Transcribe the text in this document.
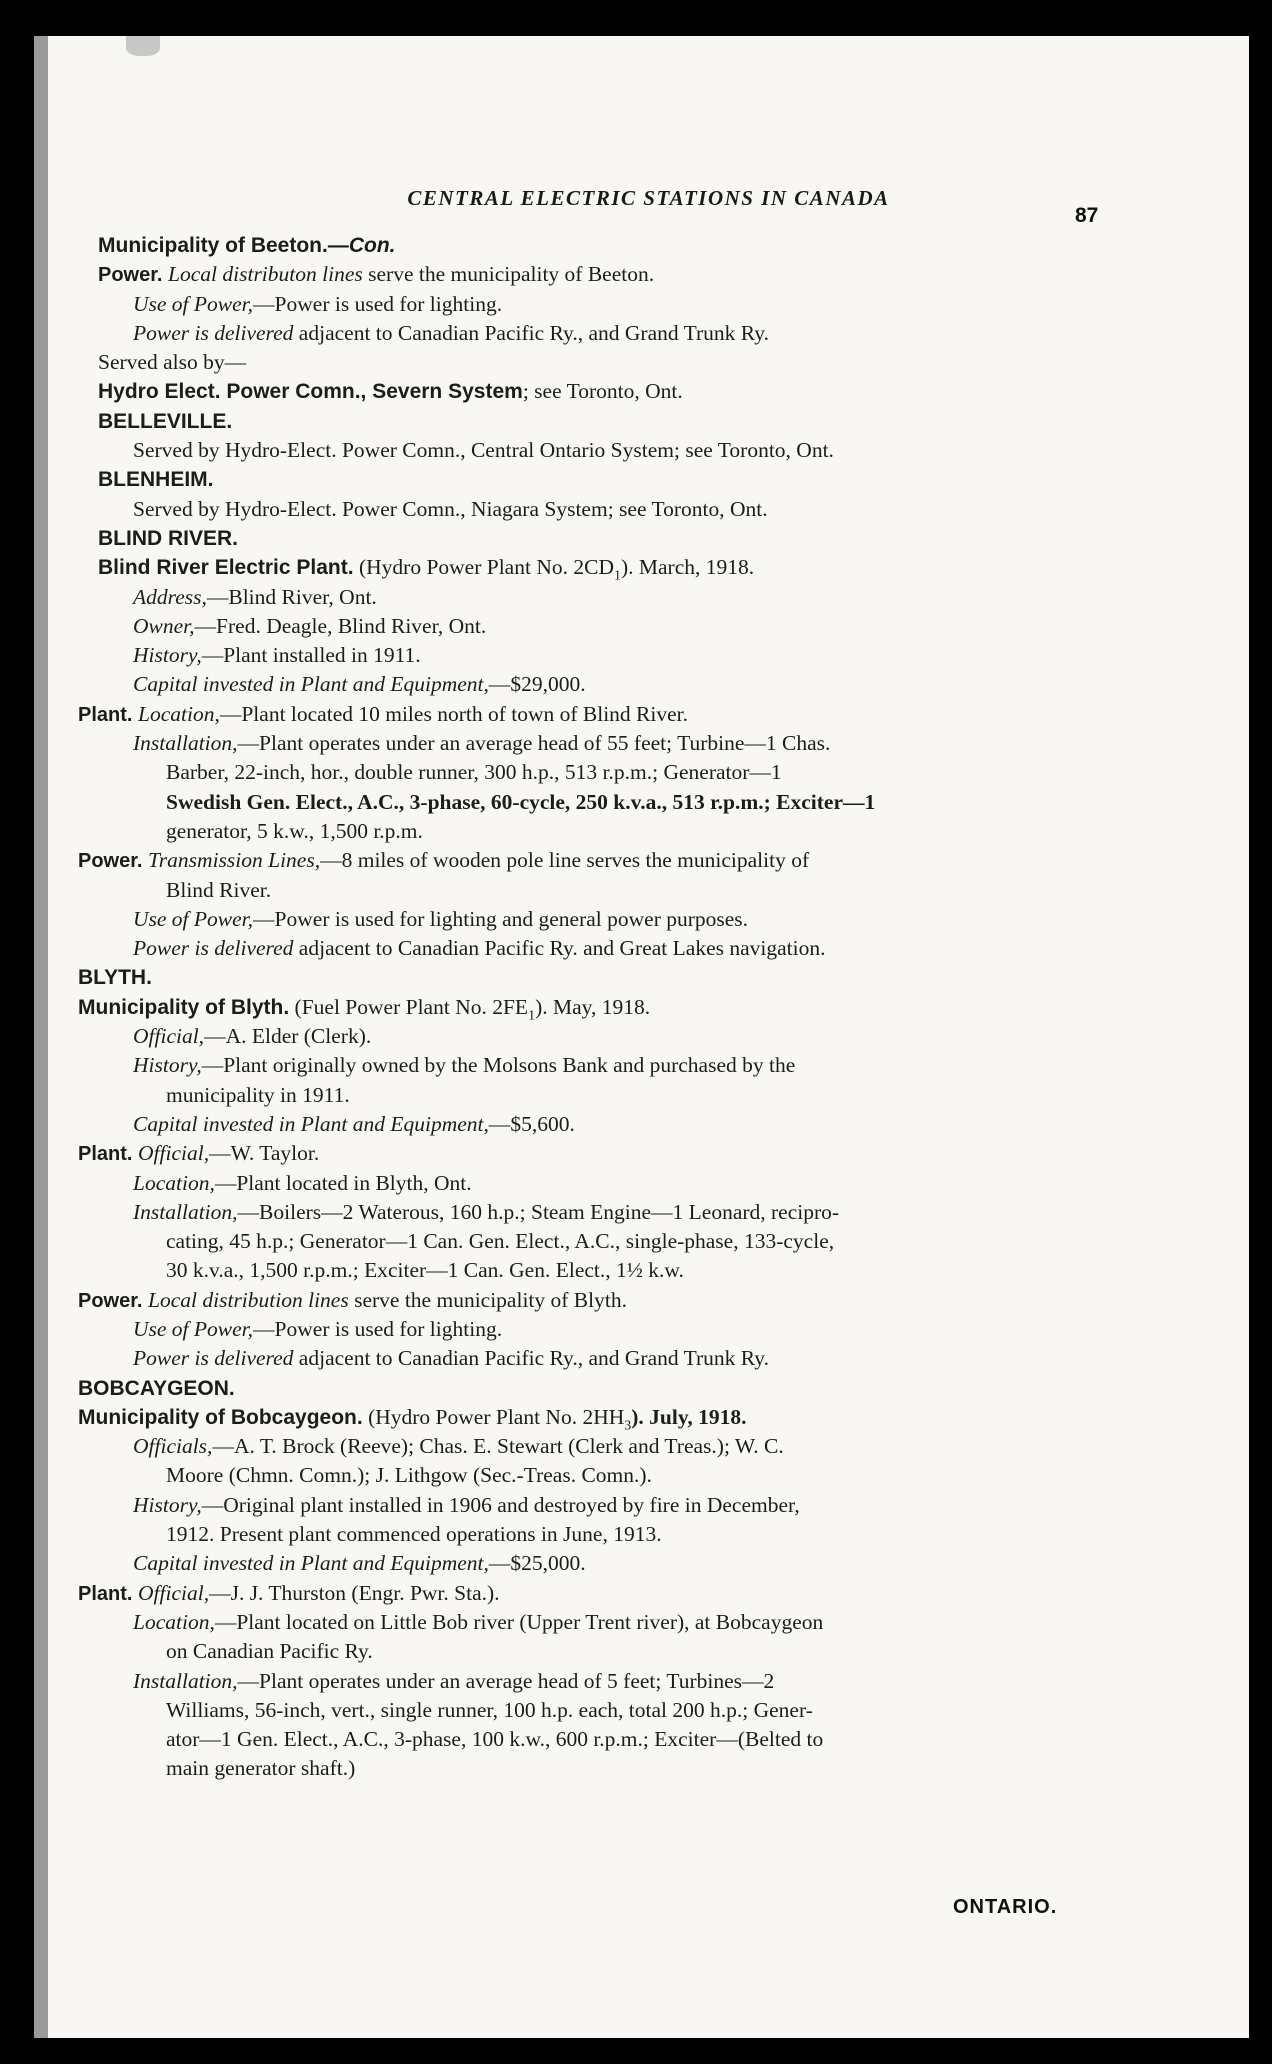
CENTRAL ELECTRIC STATIONS IN CANADA
87
Municipality of Beeton.—Con.
Power. Local distributon lines serve the municipality of Beeton.
Use of Power,—Power is used for lighting.
Power is delivered adjacent to Canadian Pacific Ry., and Grand Trunk Ry.
Served also by—
Hydro Elect. Power Comn., Severn System; see Toronto, Ont.
BELLEVILLE.
Served by Hydro-Elect. Power Comn., Central Ontario System; see Toronto, Ont.
BLENHEIM.
Served by Hydro-Elect. Power Comn., Niagara System; see Toronto, Ont.
BLIND RIVER.
Blind River Electric Plant. (Hydro Power Plant No. $2CD_1$). March, 1918.
Address,—Blind River, Ont.
Owner,—Fred. Deagle, Blind River, Ont.
History,—Plant installed in 1911.
Capital invested in Plant and Equipment,—$29,000.
Plant. Location,—Plant located 10 miles north of town of Blind River.
Installation,—Plant operates under an average head of 55 feet; Turbine—1 Chas.
Barber, 22-inch, hor., double runner, 300 h.p., 513 r.p.m.; Generator—1
Swedish Gen. Elect., A.C., 3-phase, 60-cycle, 250 k.v.a., 513 r.p.m.; Exciter—1
generator, 5 k.w., 1,500 r.p.m.
Power. Transmission Lines,—8 miles of wooden pole line serves the municipality of
Blind River.
Use of Power,—Power is used for lighting and general power purposes.
Power is delivered adjacent to Canadian Pacific Ry. and Great Lakes navigation.
BLYTH.
Municipality of Blyth. (Fuel Power Plant No. $2FE_1$). May, 1918.
Official,—A. Elder (Clerk).
History,—Plant originally owned by the Molsons Bank and purchased by the
municipality in 1911.
Capital invested in Plant and Equipment,—$5,600.
Plant. Official,—W. Taylor.
Location,—Plant located in Blyth, Ont.
Installation,—Boilers—2 Waterous, 160 h.p.; Steam Engine—1 Leonard, recipro-
cating, 45 h.p.; Generator—1 Can. Gen. Elect., A.C., single-phase, 133-cycle,
30 k.v.a., 1,500 r.p.m.; Exciter—1 Can. Gen. Elect., 1½ k.w.
Power. Local distribution lines serve the municipality of Blyth.
Use of Power,—Power is used for lighting.
Power is delivered adjacent to Canadian Pacific Ry., and Grand Trunk Ry.
BOBCAYGEON.
Municipality of Bobcaygeon. (Hydro Power Plant No. $2HH_3$). July, 1918.
Officials,—A. T. Brock (Reeve); Chas. E. Stewart (Clerk and Treas.); W. C.
Moore (Chmn. Comn.); J. Lithgow (Sec.-Treas. Comn.).
History,—Original plant installed in 1906 and destroyed by fire in December,
1912. Present plant commenced operations in June, 1913.
Capital invested in Plant and Equipment,—$25,000.
Plant. Official,—J. J. Thurston (Engr. Pwr. Sta.).
Location,—Plant located on Little Bob river (Upper Trent river), at Bobcaygeon
on Canadian Pacific Ry.
Installation,—Plant operates under an average head of 5 feet; Turbines—2
Williams, 56-inch, vert., single runner, 100 h.p. each, total 200 h.p.; Gener-
ator—1 Gen. Elect., A.C., 3-phase, 100 k.w., 600 r.p.m.; Exciter—(Belted to
main generator shaft.)
ONTARIO.
